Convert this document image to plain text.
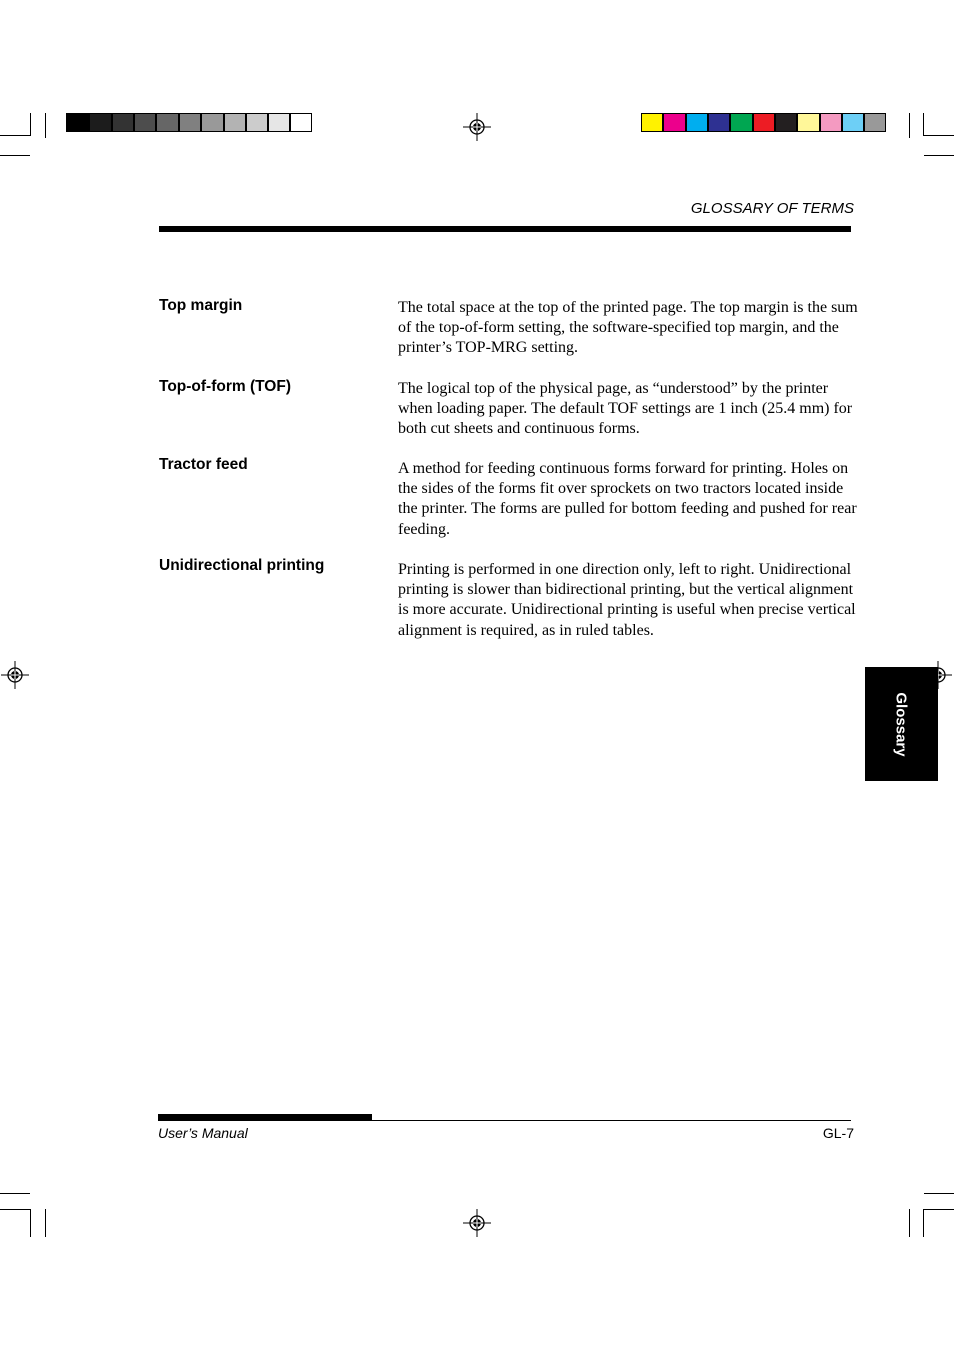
GLOSSARY OF TERMS
Top margin	The total space at the top of the printed page. The top margin is the sum of the top-of-form setting, the software-specified top margin, and the printer’s TOP-MRG setting.
Top-of-form (TOF)	The logical top of the physical page, as “understood” by the printer when loading paper. The default TOF settings are 1 inch (25.4 mm) for both cut sheets and continuous forms.
Tractor feed	A method for feeding continuous forms forward for printing. Holes on the sides of the forms fit over sprockets on two tractors located inside the printer. The forms are pulled for bottom feeding and pushed for rear feeding.
Unidirectional printing	Printing is performed in one direction only, left to right. Unidirectional printing is slower than bidirectional printing, but the vertical alignment is more accurate. Unidirectional printing is useful when precise vertical alignment is required, as in ruled tables.
Glossary
User’s Manual	GL-7
